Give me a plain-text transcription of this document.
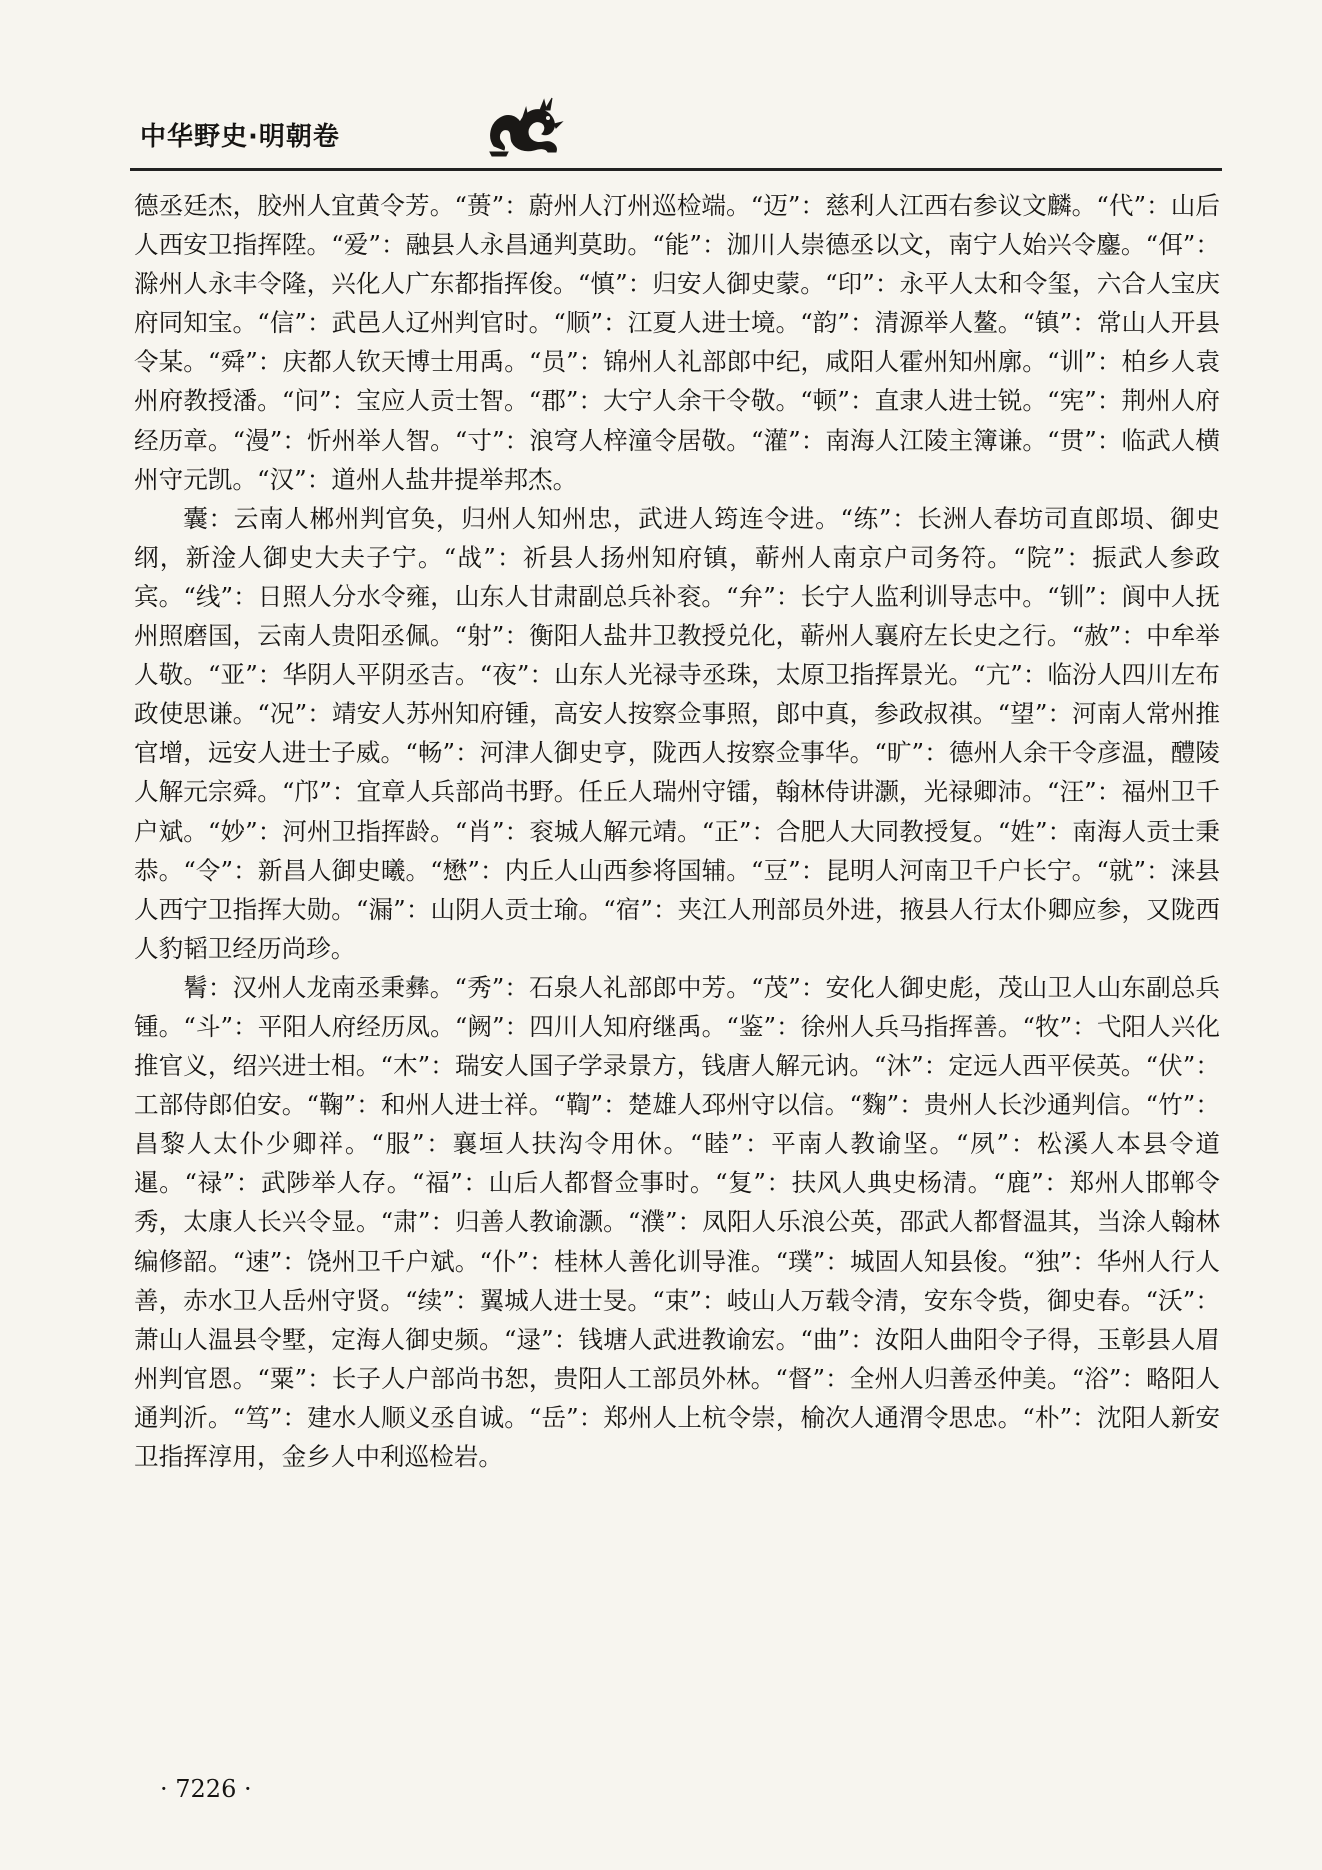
中华野史·明朝卷

德丞廷杰，胶州人宜黄令芳。“蒉”：蔚州人汀州巡检端。“迈”：慈利人江西右参议文麟。“代”：山后人西安卫指挥陞。“爱”：融县人永昌通判莫助。“能”：泇川人崇德丞以文，南宁人始兴令鏖。“佴”：滁州人永丰令隆，兴化人广东都指挥俊。“慎”：归安人御史蒙。“印”：永平人太和令玺，六合人宝庆府同知宝。“信”：武邑人辽州判官时。“顺”：江夏人进士境。“韵”：清源举人鳌。“镇”：常山人开县令某。“舜”：庆都人钦天博士用禹。“员”：锦州人礼部郎中纪，咸阳人霍州知州廓。“训”：柏乡人袁州府教授潘。“问”：宝应人贡士智。“郡”：大宁人余干令敬。“顿”：直隶人进士锐。“宪”：荆州人府经历章。“漫”：忻州举人智。“寸”：浪穹人梓潼令居敬。“灌”：南海人江陵主簿谦。“贯”：临武人横州守元凯。“汉”：道州人盐井提举邦杰。

囊：云南人郴州判官奂，归州人知州忠，武进人筠连令进。“练”：长洲人春坊司直郎埙、御史纲，新淦人御史大夫子宁。“战”：祈县人扬州知府镇，蕲州人南京户司务符。“院”：振武人参政宾。“线”：日照人分水令雍，山东人甘肃副总兵补衮。“弁”：长宁人监利训导志中。“钏”：阆中人抚州照磨国，云南人贵阳丞佩。“射”：衡阳人盐井卫教授兑化，蕲州人襄府左长史之行。“赦”：中牟举人敬。“亚”：华阴人平阴丞吉。“夜”：山东人光禄寺丞珠，太原卫指挥景光。“亢”：临汾人四川左布政使思谦。“况”：靖安人苏州知府锺，高安人按察佥事照，郎中真，参政叔祺。“望”：河南人常州推官增，远安人进士子威。“畅”：河津人御史亨，陇西人按察佥事华。“旷”：德州人余干令彦温，醴陵人解元宗舜。“邝”：宜章人兵部尚书野。任丘人瑞州守镭，翰林侍讲灏，光禄卿沛。“汪”：福州卫千户斌。“妙”：河州卫指挥龄。“肖”：衮城人解元靖。“正”：合肥人大同教授复。“姓”：南海人贡士秉恭。“令”：新昌人御史曦。“懋”：内丘人山西参将国辅。“豆”：昆明人河南卫千户长宁。“就”：涞县人西宁卫指挥大勋。“漏”：山阴人贡士瑜。“宿”：夹江人刑部员外进，掖县人行太仆卿应参，又陇西人豹韬卫经历尚珍。

鬌：汉州人龙南丞秉彝。“秀”：石泉人礼部郎中芳。“茂”：安化人御史彪，茂山卫人山东副总兵锺。“斗”：平阳人府经历凤。“阙”：四川人知府继禹。“鉴”：徐州人兵马指挥善。“牧”：弋阳人兴化推官义，绍兴进士相。“木”：瑞安人国子学录景方，钱唐人解元讷。“沐”：定远人西平侯英。“伏”：工部侍郎伯安。“鞠”：和州人进士祥。“鞫”：楚雄人邳州守以信。“麴”：贵州人长沙通判信。“竹”：昌黎人太仆少卿祥。“服”：襄垣人扶沟令用休。“睦”：平南人教谕坚。“夙”：松溪人本县令道暹。“禄”：武陟举人存。“福”：山后人都督佥事时。“复”：扶风人典史杨清。“鹿”：郑州人邯郸令秀，太康人长兴令显。“肃”：归善人教谕灏。“濮”：凤阳人乐浪公英，邵武人都督温其，当涂人翰林编修韶。“速”：饶州卫千户斌。“仆”：桂林人善化训导淮。“璞”：城固人知县俊。“独”：华州人行人善，赤水卫人岳州守贤。“续”：翼城人进士旻。“束”：岐山人万载令清，安东令赀，御史春。“沃”：萧山人温县令墅，定海人御史频。“逯”：钱塘人武进教谕宏。“曲”：汝阳人曲阳令子得，玉彰县人眉州判官恩。“粟”：长子人户部尚书恕，贵阳人工部员外林。“督”：全州人归善丞仲美。“浴”：略阳人通判沂。“笃”：建水人顺义丞自诚。“岳”：郑州人上杭令崇，榆次人通渭令思忠。“朴”：沈阳人新安卫指挥淳用，金乡人中利巡检岩。

· 7226 ·
